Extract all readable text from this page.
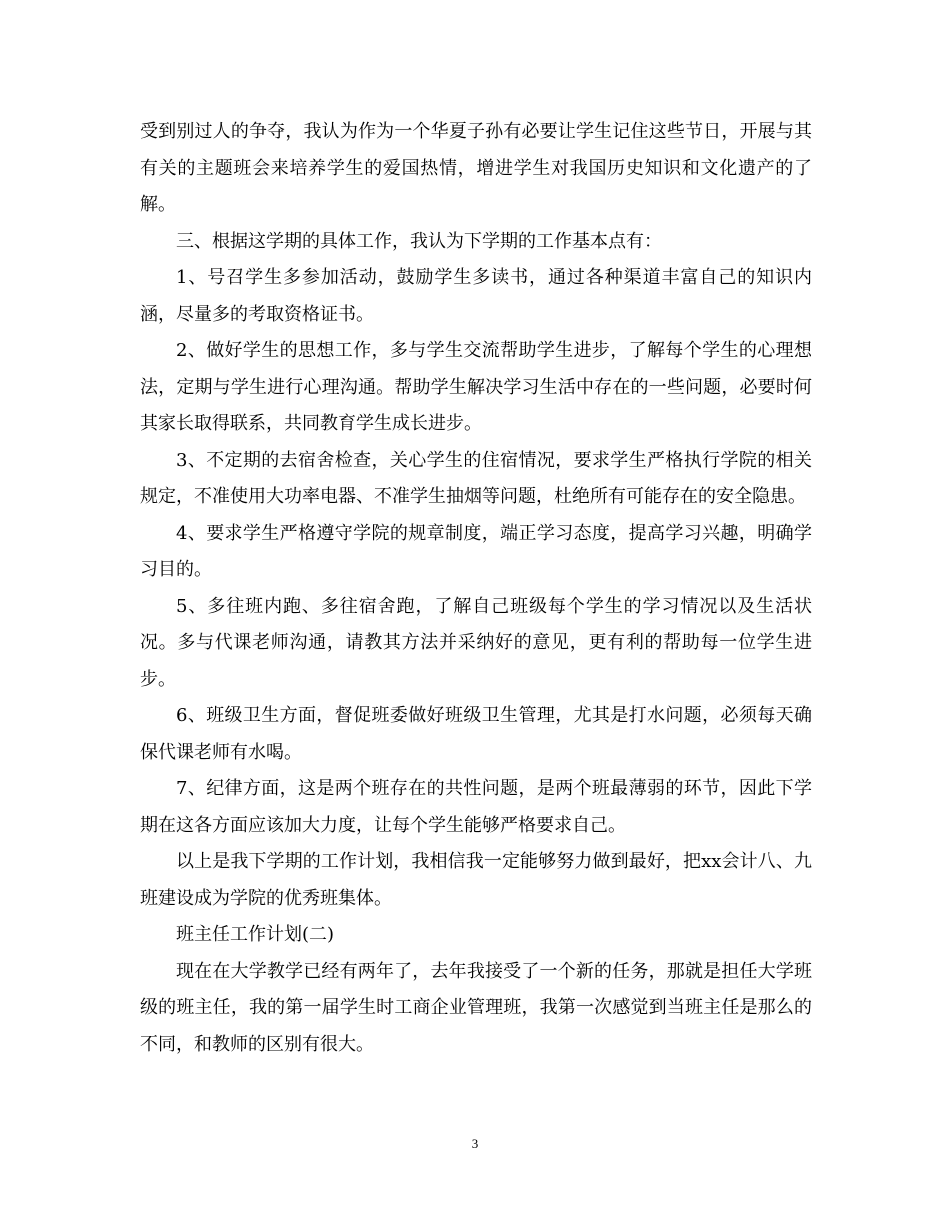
受到别过人的争夺，我认为作为一个华夏子孙有必要让学生记住这些节日，开展与其有关的主题班会来培养学生的爱国热情，增进学生对我国历史知识和文化遗产的了解。

三、根据这学期的具体工作，我认为下学期的工作基本点有：

1、号召学生多参加活动，鼓励学生多读书，通过各种渠道丰富自己的知识内涵，尽量多的考取资格证书。

2、做好学生的思想工作，多与学生交流帮助学生进步，了解每个学生的心理想法，定期与学生进行心理沟通。帮助学生解决学习生活中存在的一些问题，必要时何其家长取得联系，共同教育学生成长进步。

3、不定期的去宿舍检查，关心学生的住宿情况，要求学生严格执行学院的相关规定，不准使用大功率电器、不准学生抽烟等问题，杜绝所有可能存在的安全隐患。

4、要求学生严格遵守学院的规章制度，端正学习态度，提高学习兴趣，明确学习目的。

5、多往班内跑、多往宿舍跑，了解自己班级每个学生的学习情况以及生活状况。多与代课老师沟通，请教其方法并采纳好的意见，更有利的帮助每一位学生进步。

6、班级卫生方面，督促班委做好班级卫生管理，尤其是打水问题，必须每天确保代课老师有水喝。

7、纪律方面，这是两个班存在的共性问题，是两个班最薄弱的环节，因此下学期在这各方面应该加大力度，让每个学生能够严格要求自己。

以上是我下学期的工作计划，我相信我一定能够努力做到最好，把xx会计八、九班建设成为学院的优秀班集体。

班主任工作计划(二)

现在在大学教学已经有两年了，去年我接受了一个新的任务，那就是担任大学班级的班主任，我的第一届学生时工商企业管理班，我第一次感觉到当班主任是那么的不同，和教师的区别有很大。

3
